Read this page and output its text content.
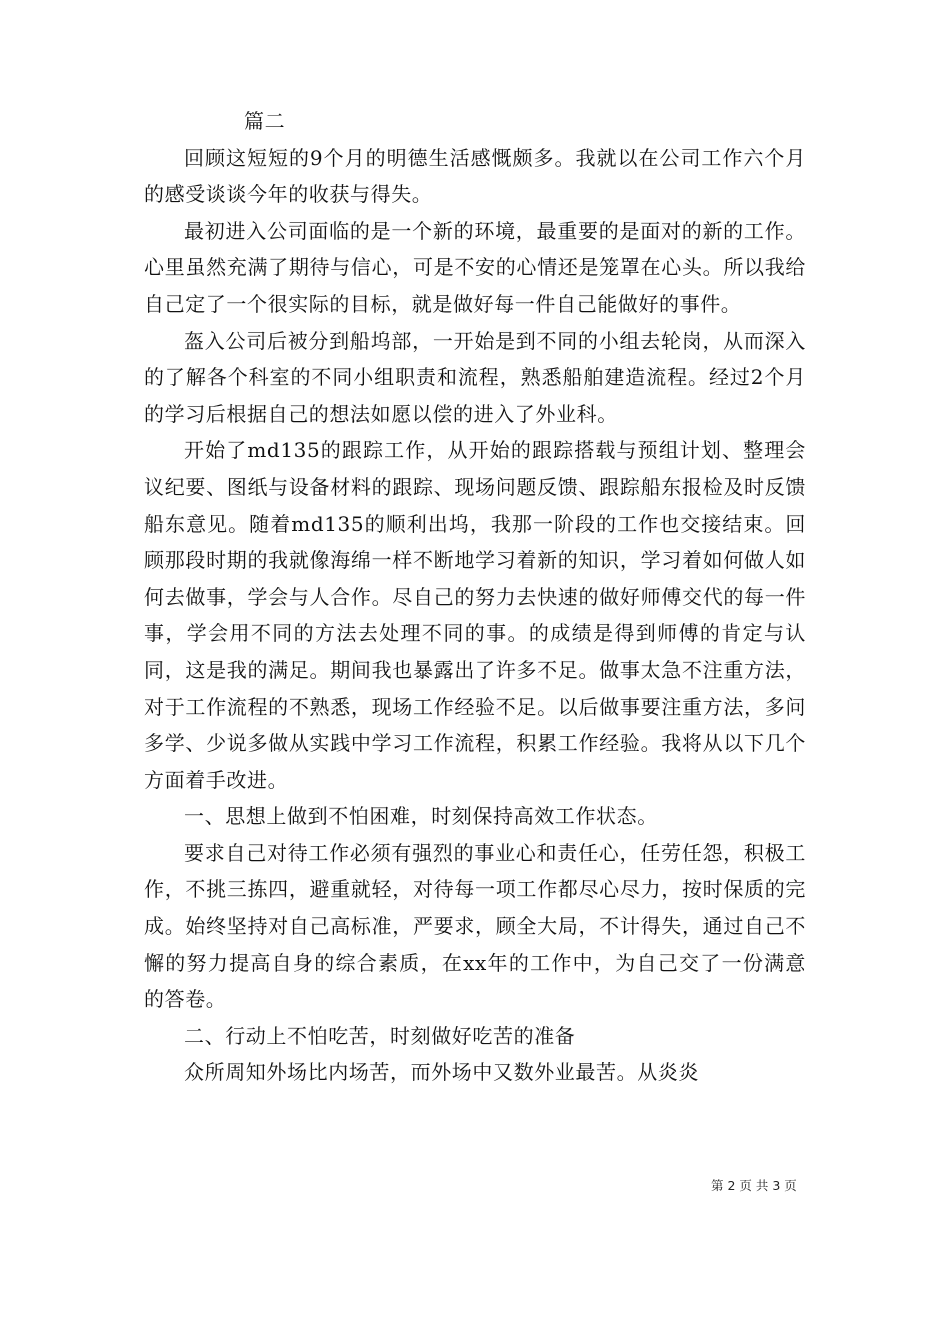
篇二

回顾这短短的9个月的明德生活感慨颇多。我就以在公司工作六个月的感受谈谈今年的收获与得失。

最初进入公司面临的是一个新的环境，最重要的是面对的新的工作。心里虽然充满了期待与信心，可是不安的心情还是笼罩在心头。所以我给自己定了一个很实际的目标，就是做好每一件自己能做好的事件。

盔入公司后被分到船坞部，一开始是到不同的小组去轮岗，从而深入的了解各个科室的不同小组职责和流程，熟悉船舶建造流程。经过2个月的学习后根据自己的想法如愿以偿的进入了外业科。

开始了md135的跟踪工作，从开始的跟踪搭载与预组计划、整理会议纪要、图纸与设备材料的跟踪、现场问题反馈、跟踪船东报检及时反馈船东意见。随着md135的顺利出坞，我那一阶段的工作也交接结束。回顾那段时期的我就像海绵一样不断地学习着新的知识，学习着如何做人如何去做事，学会与人合作。尽自己的努力去快速的做好师傅交代的每一件事，学会用不同的方法去处理不同的事。的成绩是得到师傅的肯定与认同，这是我的满足。期间我也暴露出了许多不足。做事太急不注重方法，对于工作流程的不熟悉，现场工作经验不足。以后做事要注重方法，多问多学、少说多做从实践中学习工作流程，积累工作经验。我将从以下几个方面着手改进。

一、思想上做到不怕困难，时刻保持高效工作状态。

要求自己对待工作必须有强烈的事业心和责任心，任劳任怨，积极工作，不挑三拣四，避重就轻，对待每一项工作都尽心尽力，按时保质的完成。始终坚持对自己高标准，严要求，顾全大局，不计得失，通过自己不懈的努力提高自身的综合素质，在xx年的工作中，为自己交了一份满意的答卷。

二、行动上不怕吃苦，时刻做好吃苦的准备

众所周知外场比内场苦，而外场中又数外业最苦。从炎炎

第 2 页 共 3 页
